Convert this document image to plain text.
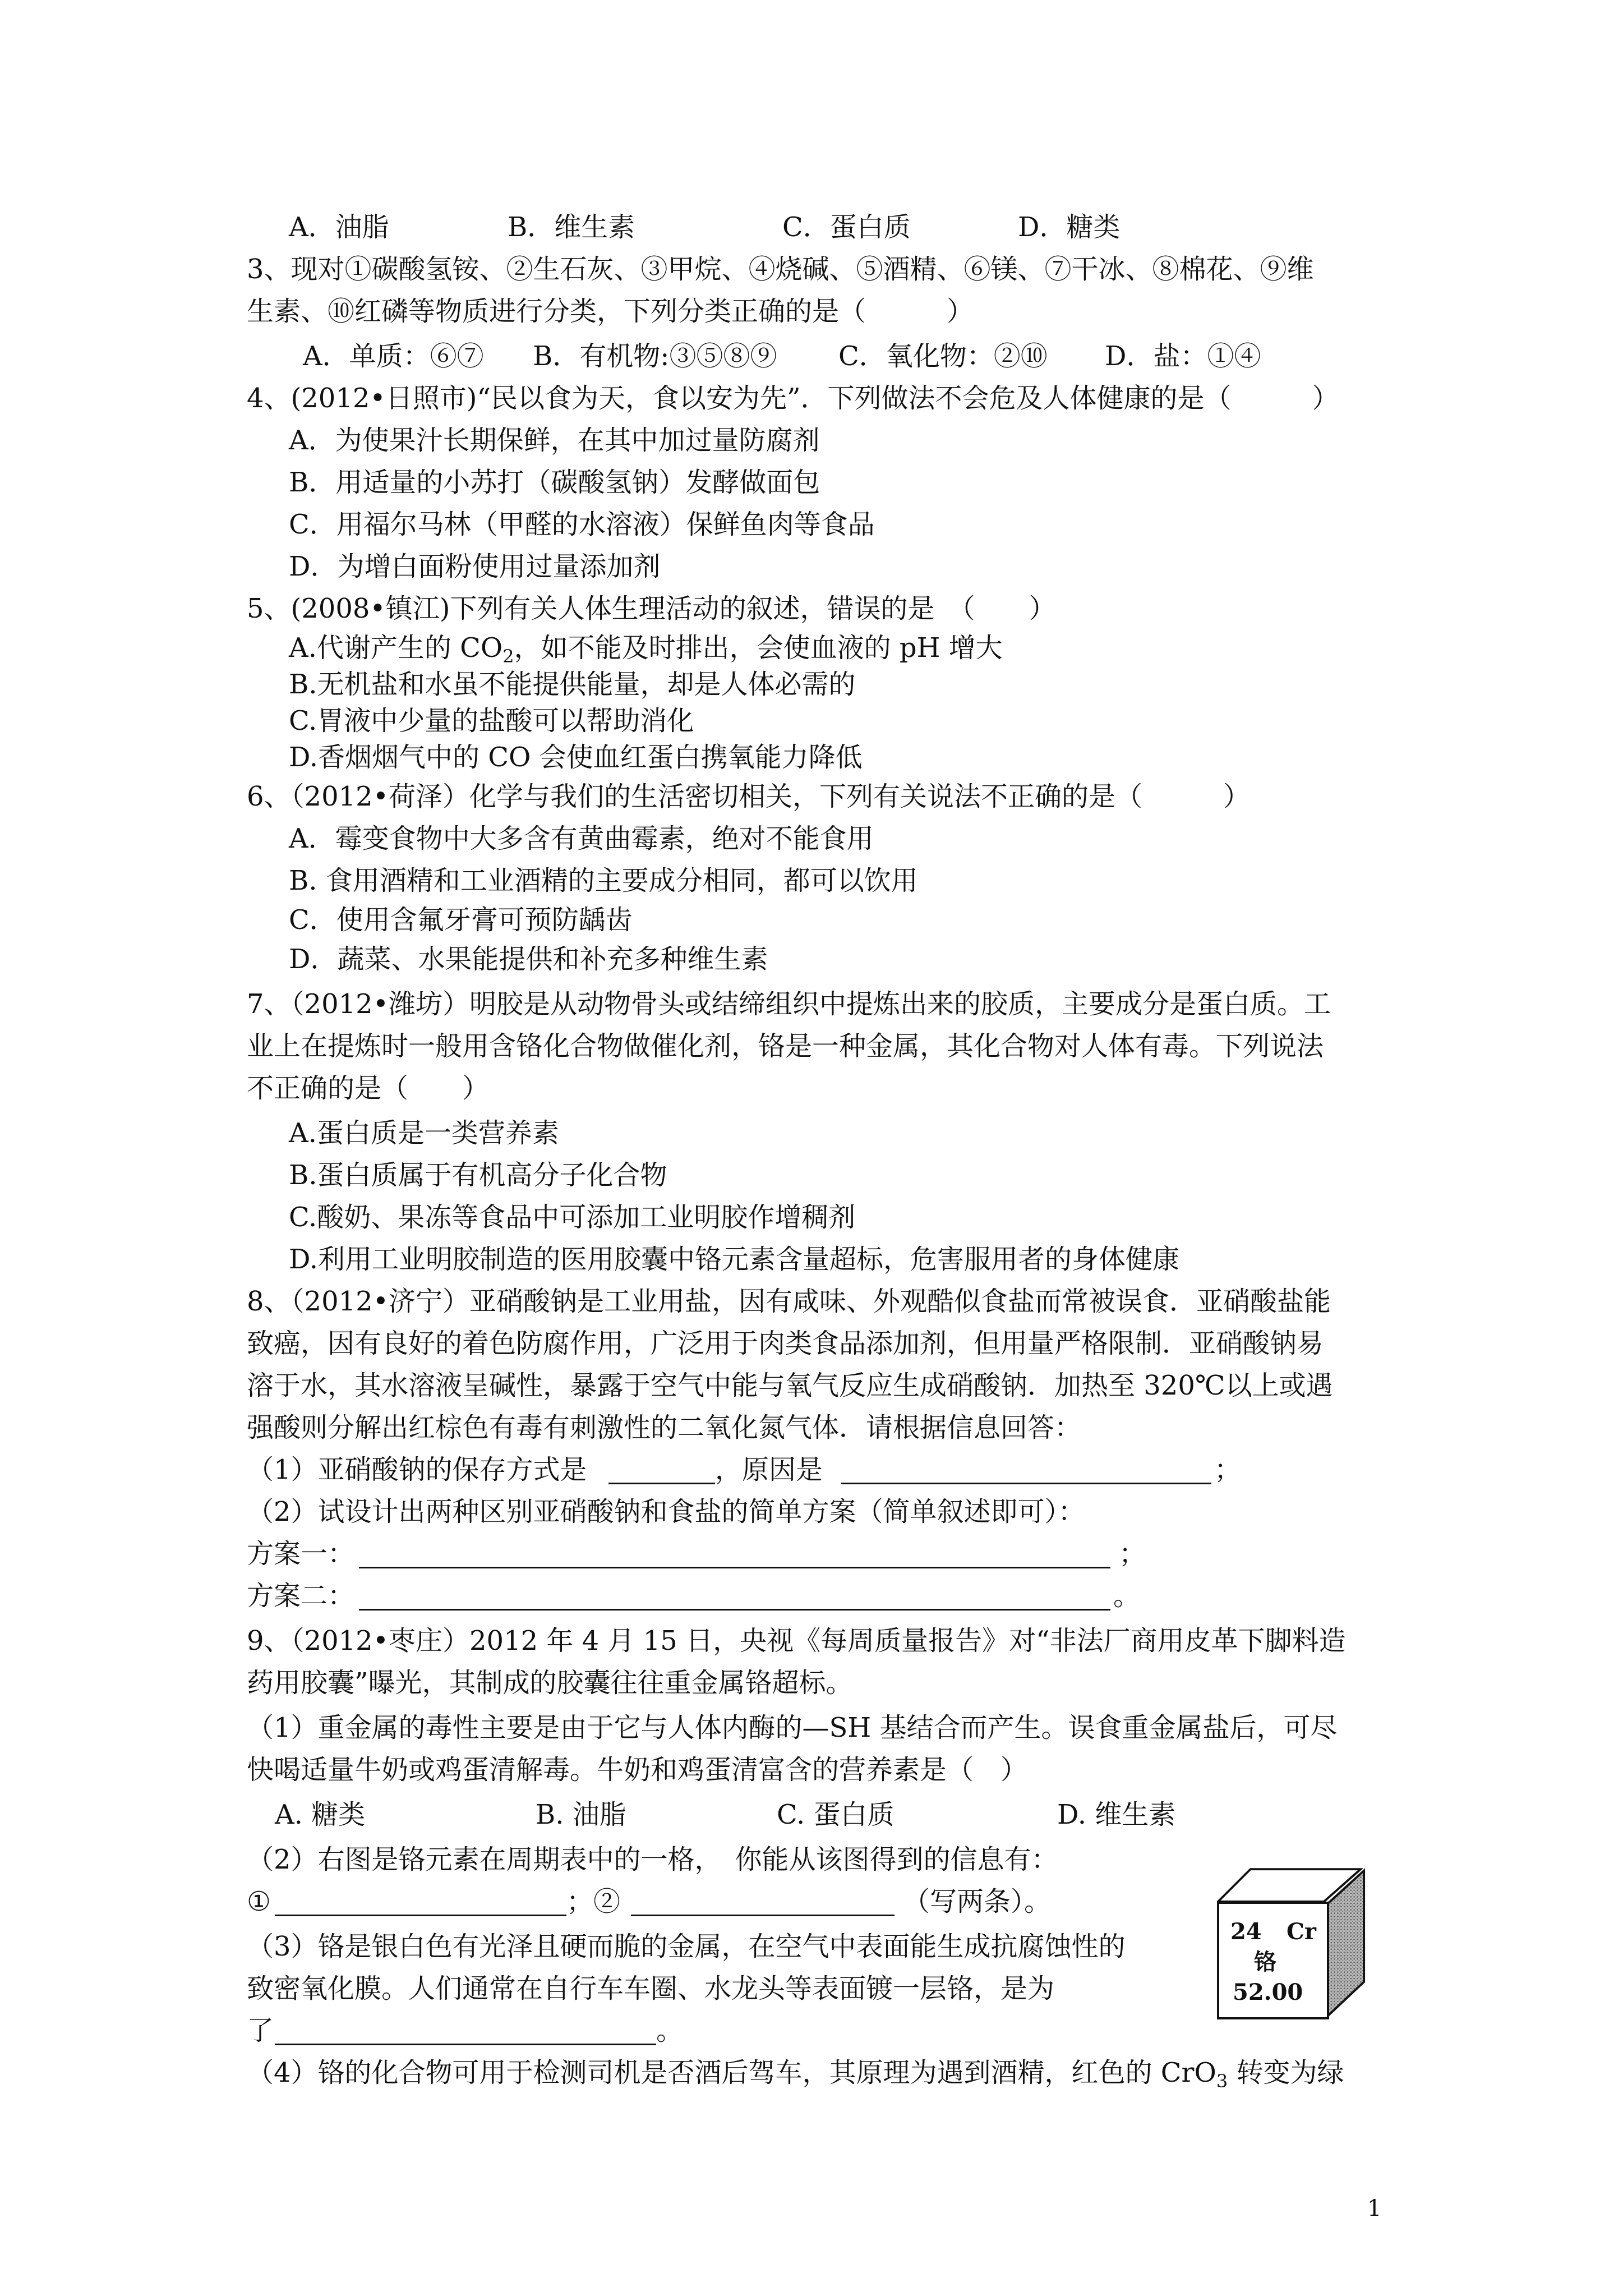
A．油脂	B．维生素	C．蛋白质	D．糖类
3、现对①碳酸氢铵、②生石灰、③甲烷、④烧碱、⑤酒精、⑥镁、⑦干冰、⑧棉花、⑨维
生素、⑩红磷等物质进行分类，下列分类正确的是（　　　）
A．单质：⑥⑦ B．有机物:③⑤⑧⑨ C．氧化物：②⑩ D．盐：①④
4、(2012•日照市)“民以食为天，食以安为先”．下列做法不会危及人体健康的是（　　　）
A．为使果汁长期保鲜，在其中加过量防腐剂
B．用适量的小苏打（碳酸氢钠）发酵做面包
C．用福尔马林（甲醛的水溶液）保鲜鱼肉等食品
D．为增白面粉使用过量添加剂
5、(2008•镇江)下列有关人体生理活动的叙述，错误的是　（　　）
A.代谢产生的 $CO_2$，如不能及时排出，会使血液的 pH 增大
B.无机盐和水虽不能提供能量，却是人体必需的
C.胃液中少量的盐酸可以帮助消化
D.香烟烟气中的 CO 会使血红蛋白携氧能力降低
6、（2012•荷泽）化学与我们的生活密切相关，下列有关说法不正确的是（　　　）
A．霉变食物中大多含有黄曲霉素，绝对不能食用
B. 食用酒精和工业酒精的主要成分相同，都可以饮用
C．使用含氟牙膏可预防龋齿
D．蔬菜、水果能提供和补充多种维生素
7、（2012•潍坊）明胶是从动物骨头或结缔组织中提炼出来的胶质，主要成分是蛋白质。工
业上在提炼时一般用含铬化合物做催化剂，铬是一种金属，其化合物对人体有毒。下列说法
不正确的是（　　）
A.蛋白质是一类营养素
B.蛋白质属于有机高分子化合物
C.酸奶、果冻等食品中可添加工业明胶作增稠剂
D.利用工业明胶制造的医用胶囊中铬元素含量超标，危害服用者的身体健康
8、（2012•济宁）亚硝酸钠是工业用盐，因有咸味、外观酷似食盐而常被误食．亚硝酸盐能
致癌，因有良好的着色防腐作用，广泛用于肉类食品添加剂，但用量严格限制．亚硝酸钠易
溶于水，其水溶液呈碱性，暴露于空气中能与氧气反应生成硝酸钠．加热至 320℃以上或遇
强酸则分解出红棕色有毒有刺激性的二氧化氮气体．请根据信息回答：
（1）亚硝酸钠的保存方式是	，原因是	；
（2）试设计出两种区别亚硝酸钠和食盐的简单方案（简单叙述即可）：
方案一：	；
方案二：	。
9、（2012•枣庄）2012 年 4 月 15 日，央视《每周质量报告》对“非法厂商用皮革下脚料造
药用胶囊”曝光，其制成的胶囊往往重金属铬超标。
（1）重金属的毒性主要是由于它与人体内酶的—SH 基结合而产生。误食重金属盐后，可尽
快喝适量牛奶或鸡蛋清解毒。牛奶和鸡蛋清富含的营养素是（　）
A. 糖类	B. 油脂	C. 蛋白质	D. 维生素
（2）右图是铬元素在周期表中的一格，　你能从该图得到的信息有：
①	；②	（写两条）。
（3）铬是银白色有光泽且硬而脆的金属，在空气中表面能生成抗腐蚀性的
致密氧化膜。人们通常在自行车车圈、水龙头等表面镀一层铬，是为
了	。
（4）铬的化合物可用于检测司机是否酒后驾车，其原理为遇到酒精，红色的 CrO$_3$ 转变为绿
24 Cr
铬
52.00
1
